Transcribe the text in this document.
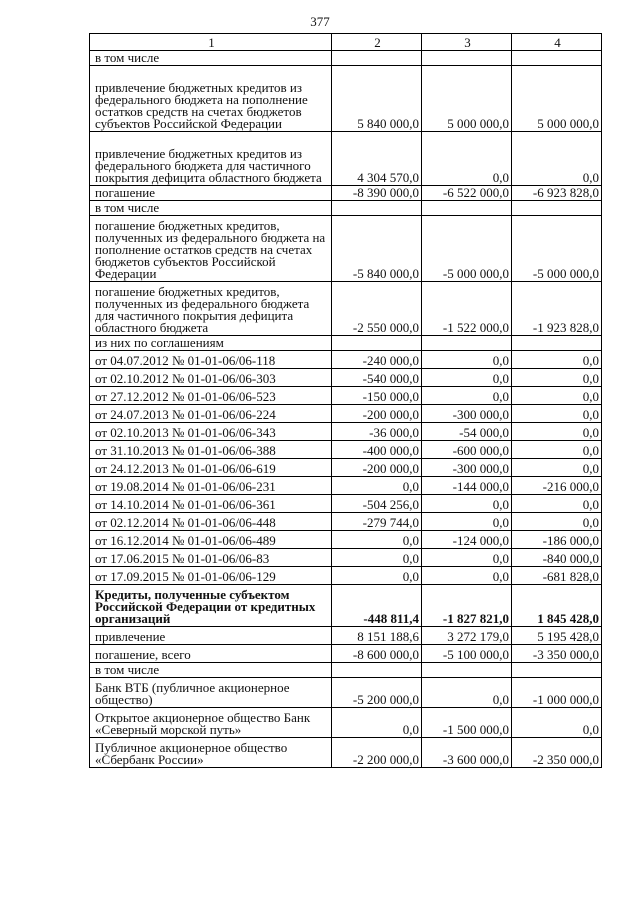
377
1	2	3	4
в том числе			
привлечение бюджетных кредитов из федерального бюджета на пополнение остатков средств на счетах бюджетов субъектов Российской Федерации	5 840 000,0	5 000 000,0	5 000 000,0
привлечение бюджетных кредитов из федерального бюджета для частичного покрытия дефицита областного бюджета	4 304 570,0	0,0	0,0
погашение	-8 390 000,0	-6 522 000,0	-6 923 828,0
в том числе			
погашение бюджетных кредитов, полученных из федерального бюджета на пополнение остатков средств на счетах бюджетов субъектов Российской Федерации	-5 840 000,0	-5 000 000,0	-5 000 000,0
погашение бюджетных кредитов, полученных из федерального бюджета для частичного покрытия дефицита областного бюджета	-2 550 000,0	-1 522 000,0	-1 923 828,0
из них по соглашениям			
от 04.07.2012 № 01-01-06/06-118	-240 000,0	0,0	0,0
от 02.10.2012 № 01-01-06/06-303	-540 000,0	0,0	0,0
от 27.12.2012 № 01-01-06/06-523	-150 000,0	0,0	0,0
от 24.07.2013 № 01-01-06/06-224	-200 000,0	-300 000,0	0,0
от 02.10.2013 № 01-01-06/06-343	-36 000,0	-54 000,0	0,0
от 31.10.2013 № 01-01-06/06-388	-400 000,0	-600 000,0	0,0
от 24.12.2013 № 01-01-06/06-619	-200 000,0	-300 000,0	0,0
от 19.08.2014 № 01-01-06/06-231	0,0	-144 000,0	-216 000,0
от 14.10.2014 № 01-01-06/06-361	-504 256,0	0,0	0,0
от 02.12.2014 № 01-01-06/06-448	-279 744,0	0,0	0,0
от 16.12.2014 № 01-01-06/06-489	0,0	-124 000,0	-186 000,0
от 17.06.2015 № 01-01-06/06-83	0,0	0,0	-840 000,0
от 17.09.2015 № 01-01-06/06-129	0,0	0,0	-681 828,0
Кредиты, полученные субъектом Российской Федерации от кредитных организаций	-448 811,4	-1 827 821,0	1 845 428,0
привлечение	8 151 188,6	3 272 179,0	5 195 428,0
погашение, всего	-8 600 000,0	-5 100 000,0	-3 350 000,0
в том числе			
Банк ВТБ (публичное акционерное общество)	-5 200 000,0	0,0	-1 000 000,0
Открытое акционерное общество Банк «Северный морской путь»	0,0	-1 500 000,0	0,0
Публичное акционерное общество «Сбербанк России»	-2 200 000,0	-3 600 000,0	-2 350 000,0
